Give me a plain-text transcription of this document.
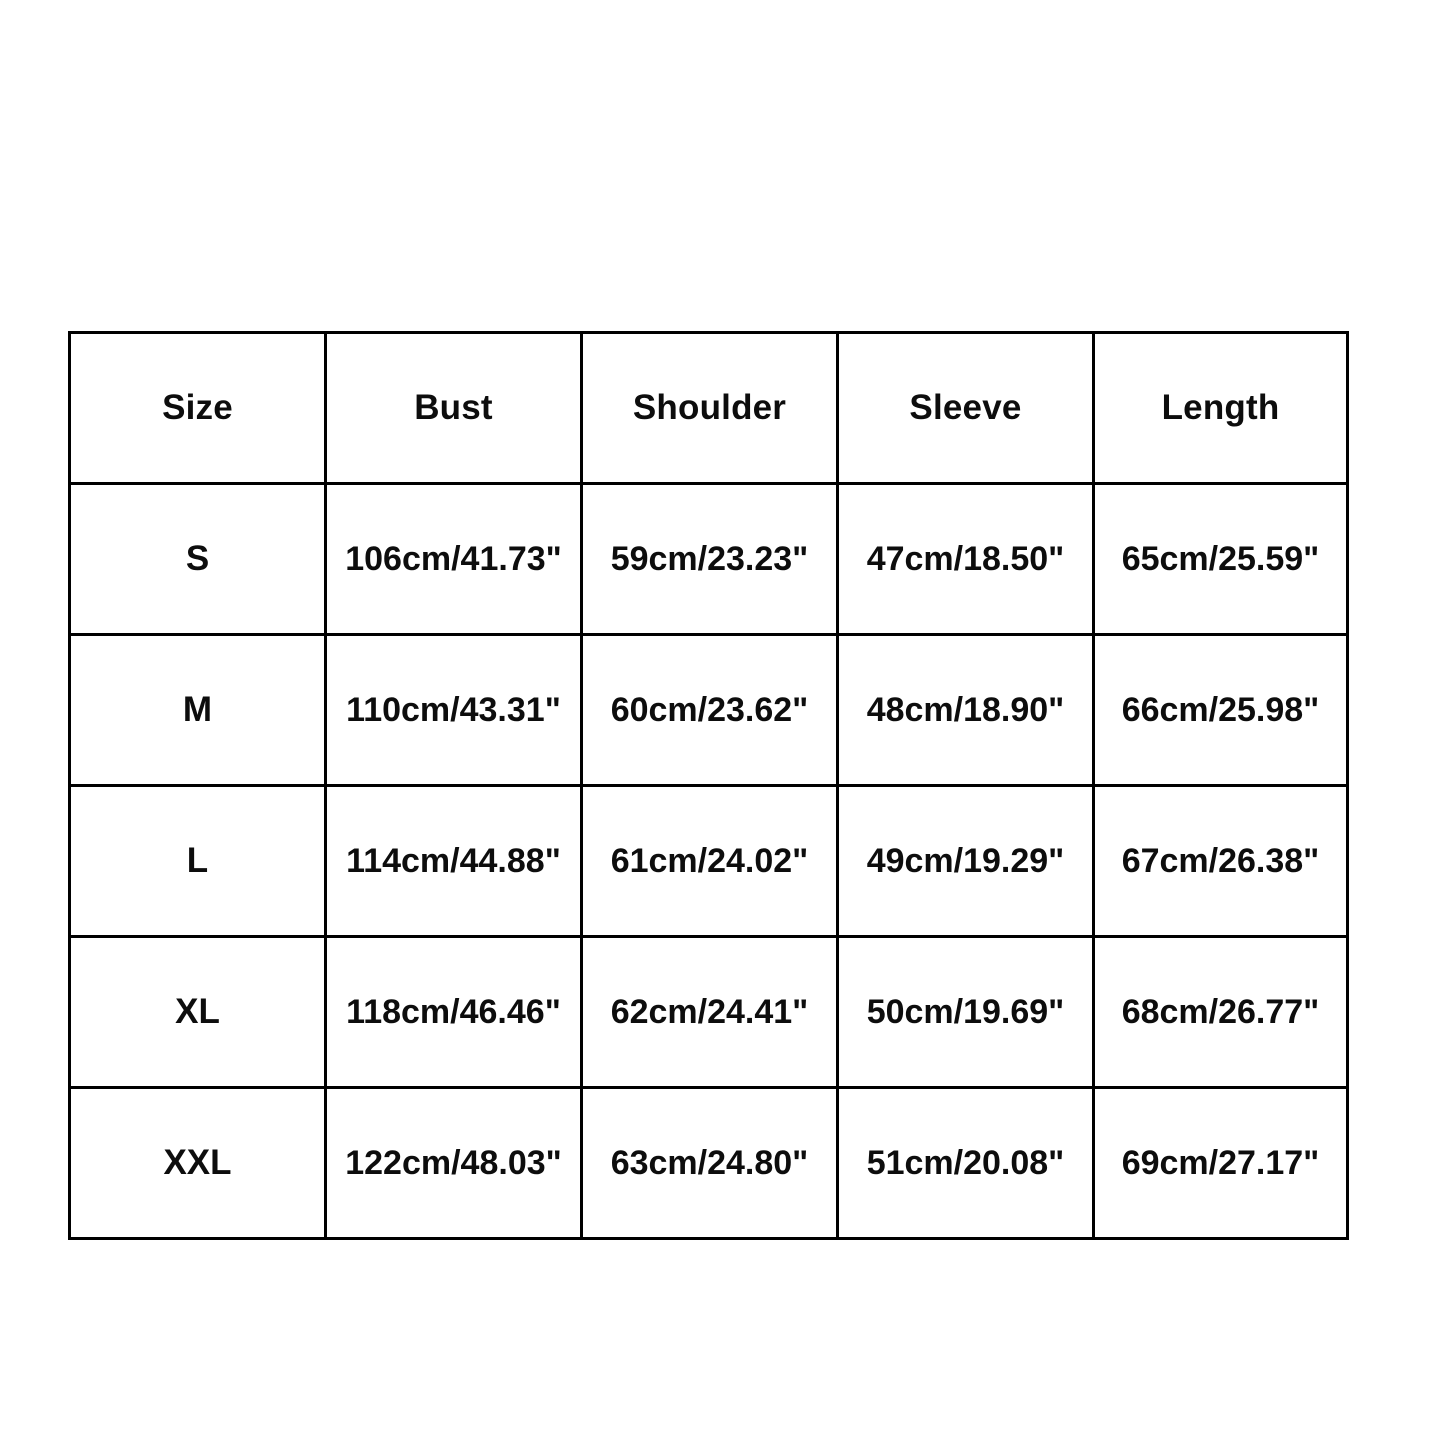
Size	Bust	Shoulder	Sleeve	Length
S	106cm/41.73"	59cm/23.23"	47cm/18.50"	65cm/25.59"
M	110cm/43.31"	60cm/23.62"	48cm/18.90"	66cm/25.98"
L	114cm/44.88"	61cm/24.02"	49cm/19.29"	67cm/26.38"
XL	118cm/46.46"	62cm/24.41"	50cm/19.69"	68cm/26.77"
XXL	122cm/48.03"	63cm/24.80"	51cm/20.08"	69cm/27.17"
